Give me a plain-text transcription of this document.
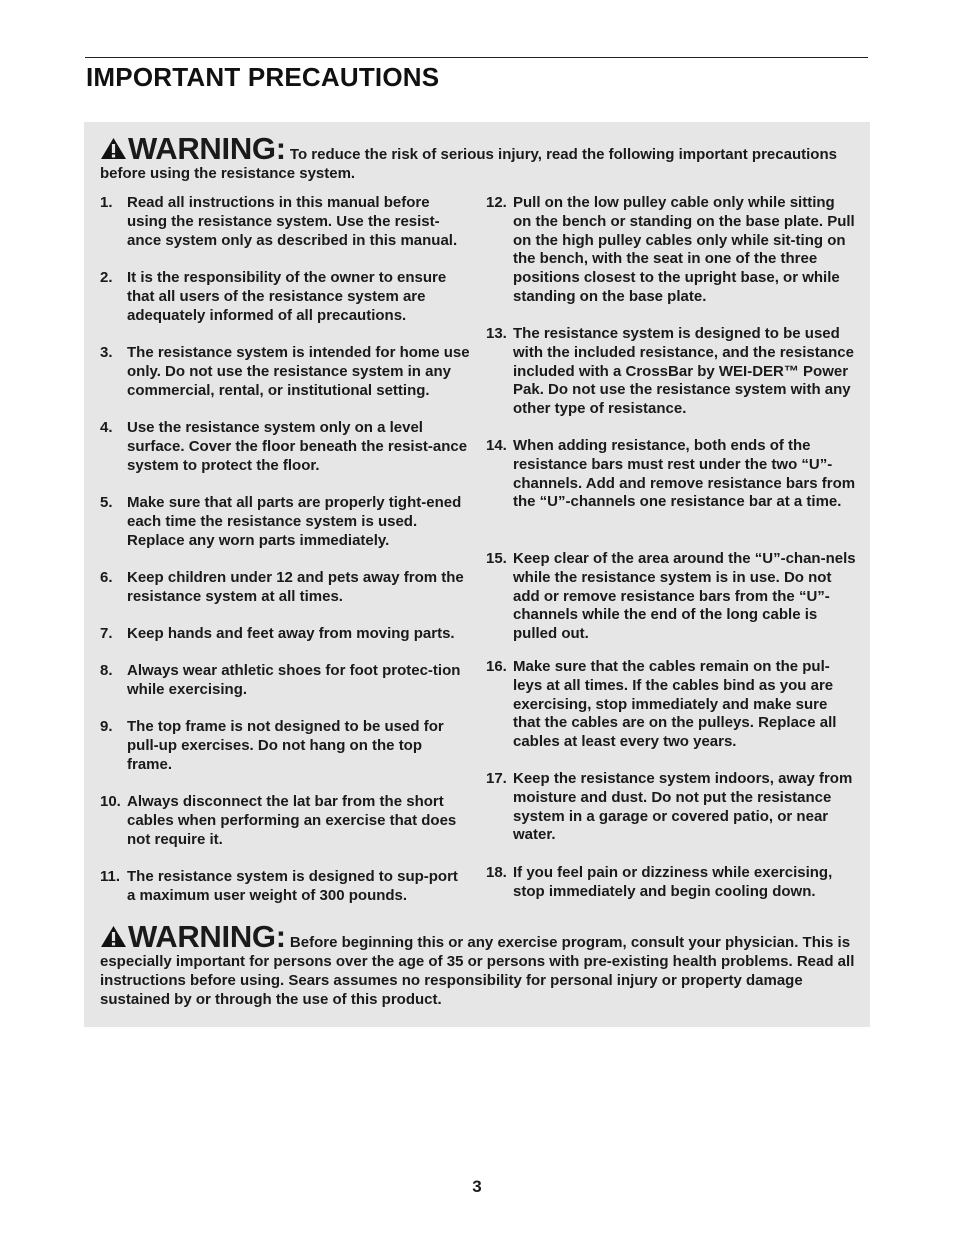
IMPORTANT PRECAUTIONS
WARNING: To reduce the risk of serious injury, read the following important precautions before using the resistance system.
1. Read all instructions in this manual before using the resistance system. Use the resist-ance system only as described in this manual.
2. It is the responsibility of the owner to ensure that all users of the resistance system are adequately informed of all precautions.
3. The resistance system is intended for home use only. Do not use the resistance system in any commercial, rental, or institutional setting.
4. Use the resistance system only on a level surface. Cover the floor beneath the resist-ance system to protect the floor.
5. Make sure that all parts are properly tight-ened each time the resistance system is used. Replace any worn parts immediately.
6. Keep children under 12 and pets away from the resistance system at all times.
7. Keep hands and feet away from moving parts.
8. Always wear athletic shoes for foot protec-tion while exercising.
9. The top frame is not designed to be used for pull-up exercises. Do not hang on the top frame.
10. Always disconnect the lat bar from the short cables when performing an exercise that does not require it.
11. The resistance system is designed to sup-port a maximum user weight of 300 pounds.
12. Pull on the low pulley cable only while sitting on the bench or standing on the base plate. Pull on the high pulley cables only while sit-ting on the bench, with the seat in one of the three positions closest to the upright base, or while standing on the base plate.
13. The resistance system is designed to be used with the included resistance, and the resistance included with a CrossBar by WEI-DER™ Power Pak. Do not use the resistance system with any other type of resistance.
14. When adding resistance, both ends of the resistance bars must rest under the two “U”-channels. Add and remove resistance bars from the “U”-channels one resistance bar at a time.
15. Keep clear of the area around the “U”-chan-nels while the resistance system is in use. Do not add or remove resistance bars from the “U”-channels while the end of the long cable is pulled out.
16. Make sure that the cables remain on the pul-leys at all times. If the cables bind as you are exercising, stop immediately and make sure that the cables are on the pulleys. Replace all cables at least every two years.
17. Keep the resistance system indoors, away from moisture and dust. Do not put the resistance system in a garage or covered patio, or near water.
18. If you feel pain or dizziness while exercising, stop immediately and begin cooling down.
WARNING: Before beginning this or any exercise program, consult your physician. This is especially important for persons over the age of 35 or persons with pre-existing health problems. Read all instructions before using. Sears assumes no responsibility for personal injury or property damage sustained by or through the use of this product.
3
